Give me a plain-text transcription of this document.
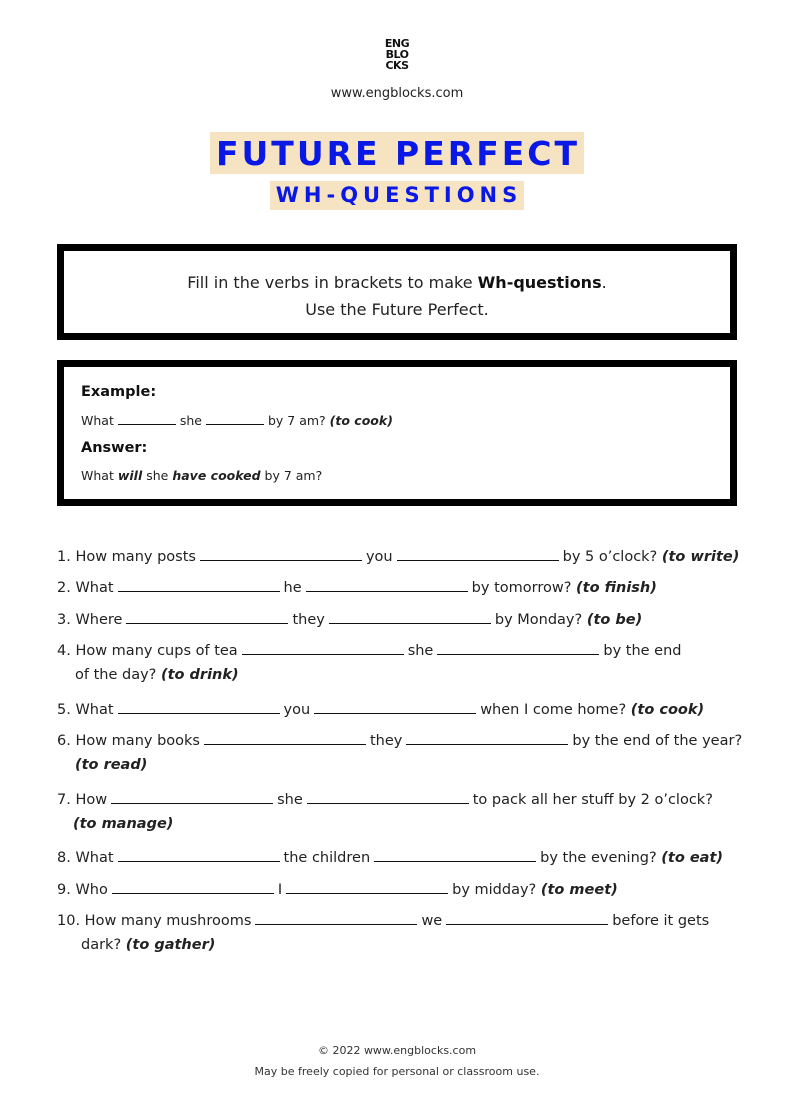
ENG
BLO
CKS
www.engblocks.com
FUTURE PERFECT
WH-QUESTIONS
Fill in the verbs in brackets to make Wh-questions.
Use the Future Perfect.
Example:
What	she	by 7 am? (to cook)
Answer:
What will she have cooked by 7 am?
1. How many posts	you	by 5 o’clock? (to write)
2. What	he	by tomorrow? (to finish)
3. Where	they	by Monday? (to be)
4. How many cups of tea	she	by the end
of the day? (to drink)
5. What	you	when I come home? (to cook)
6. How many books	they	by the end of the year?
(to read)
7. How	she	to pack all her stuff by 2 o’clock?
(to manage)
8. What	the children	by the evening? (to eat)
9. Who	I	by midday? (to meet)
10. How many mushrooms	we	before it gets
dark? (to gather)
© 2022 www.engblocks.com
May be freely copied for personal or classroom use.
